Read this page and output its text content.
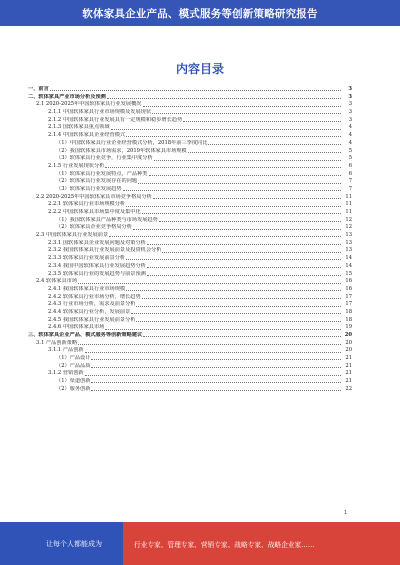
软体家具企业产品、模式服务等创新策略研究报告
内容目录
一、前言	3
二、软体家具产业市场分析及预测	3
2.1 2020-2025年中国软体家具行业发展概况	3
2.1.1 中国软体家具行业市场规模及发展现状	3
2.1.2 中国软体家具行业发展具有一定规模和稳步增长趋势	3
2.1.3 国软体家具重点领域	4
2.1.4 中国软体家具企业经营模式	4
（1）中国软体家具行业企业经营模式分析，2018年前三季度同比	4
（2）我国软体家具市场需求，2019年软体家具市场规模	5
（3）软体家具行业竞争，行业集中度分析	5
2.1.5 行业发展现状分析	6
（1）软体家具行业发展特点，产品种类	6
（2）软体家具行业发展存在的问题	7
（3）软体家具行业发展趋势	7
2.2 2020-2025年中国软体家具市场竞争格局分析	11
2.2.1 软体家具行业市场规模分析	11
2.2.2 中国软体家具市场集中度及集中化	11
（1）我国软体家具产品种类与市场发展趋势	12
（2）软体家具企业竞争格局分析	12
2.3 中国软体家具行业发展前景	13
2.3.1 国软体家具企业发展问题及对策分析	13
2.3.2 我国软体家具行业发展前景及投资机会分析	13
2.3.3 软体家具行业发展前景分析	14
2.3.4 我国中国软体家具行业发展趋势分析	14
2.3.5 软体家具行业的发展趋势与前景预测	15
2.4 软体家具市场	16
2.4.1 我国软体家具行业市场规模	16
2.4.2 软体家具行业市场分析，增长趋势	17
2.4.3 行业市场分析，需求及前景分析	17
2.4.4 软体家具行业分析，发展前景	18
2.4.5 我国软体家具行业发展前景分析	18
2.4.6 中国软体家具市场	19
三、软体家具企业产品、模式服务等创新策略建议	20
3.1 产品创新策略	20
3.1.1 产品创新	20
（1）产品设计	21
（2）产品品质	21
3.1.2 营销创新	21
（1）渠道创新	21
（2）服务创新	22
1
让每个人都能成为	行业专家、管理专家、营销专家、战略专家、战略企业家……
